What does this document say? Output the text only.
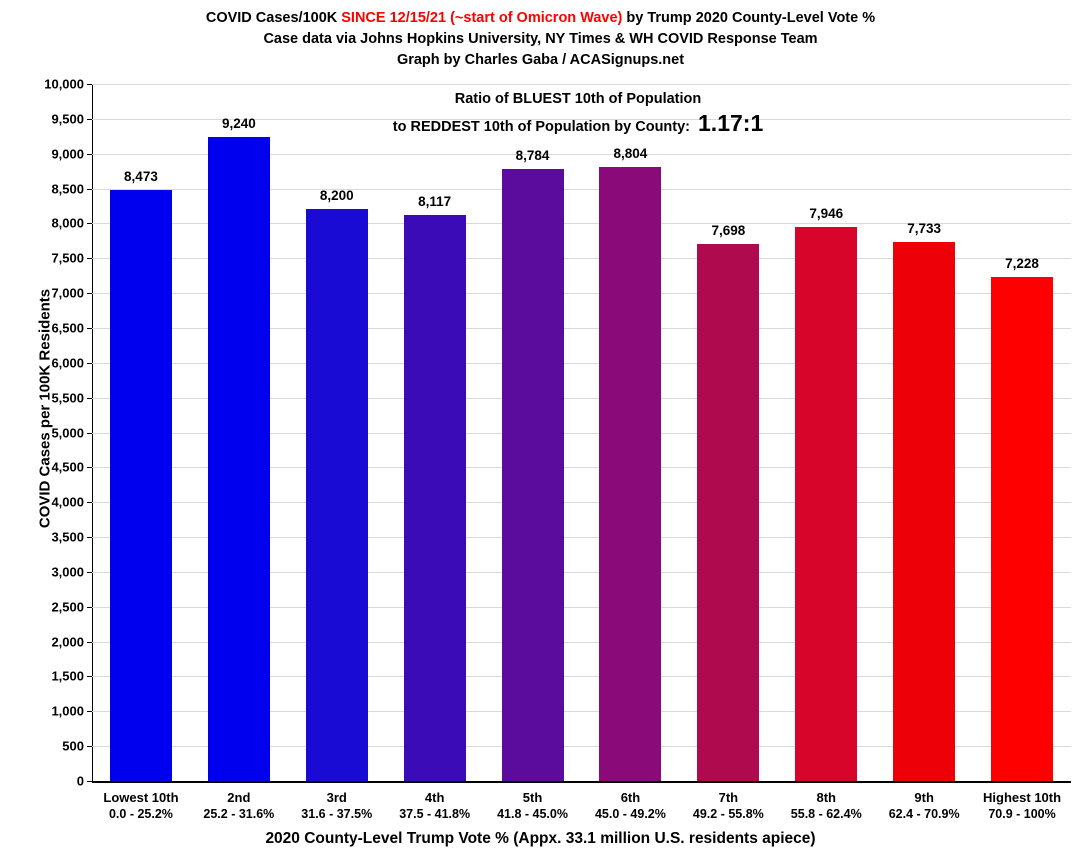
COVID Cases/100K SINCE 12/15/21 (~start of Omicron Wave) by Trump 2020 County-Level Vote %
Case data via Johns Hopkins University, NY Times & WH COVID Response Team
Graph by Charles Gaba / ACASignups.net
COVID Cases per 100K Residents
2020 County-Level Trump Vote % (Appx. 33.1 million U.S. residents apiece)
0
500
1,000
1,500
2,000
2,500
3,000
3,500
4,000
4,500
5,000
5,500
6,000
6,500
7,000
7,500
8,000
8,500
9,000
9,500
10,000
8,473
Lowest 10th
0.0 - 25.2%
9,240
2nd
25.2 - 31.6%
8,200
3rd
31.6 - 37.5%
8,117
4th
37.5 - 41.8%
8,784
5th
41.8 - 45.0%
8,804
6th
45.0 - 49.2%
7,698
7th
49.2 - 55.8%
7,946
8th
55.8 - 62.4%
7,733
9th
62.4 - 70.9%
7,228
Highest 10th
70.9 - 100%
Ratio of BLUEST 10th of Population
to REDDEST 10th of Population by County: 1.17:1
